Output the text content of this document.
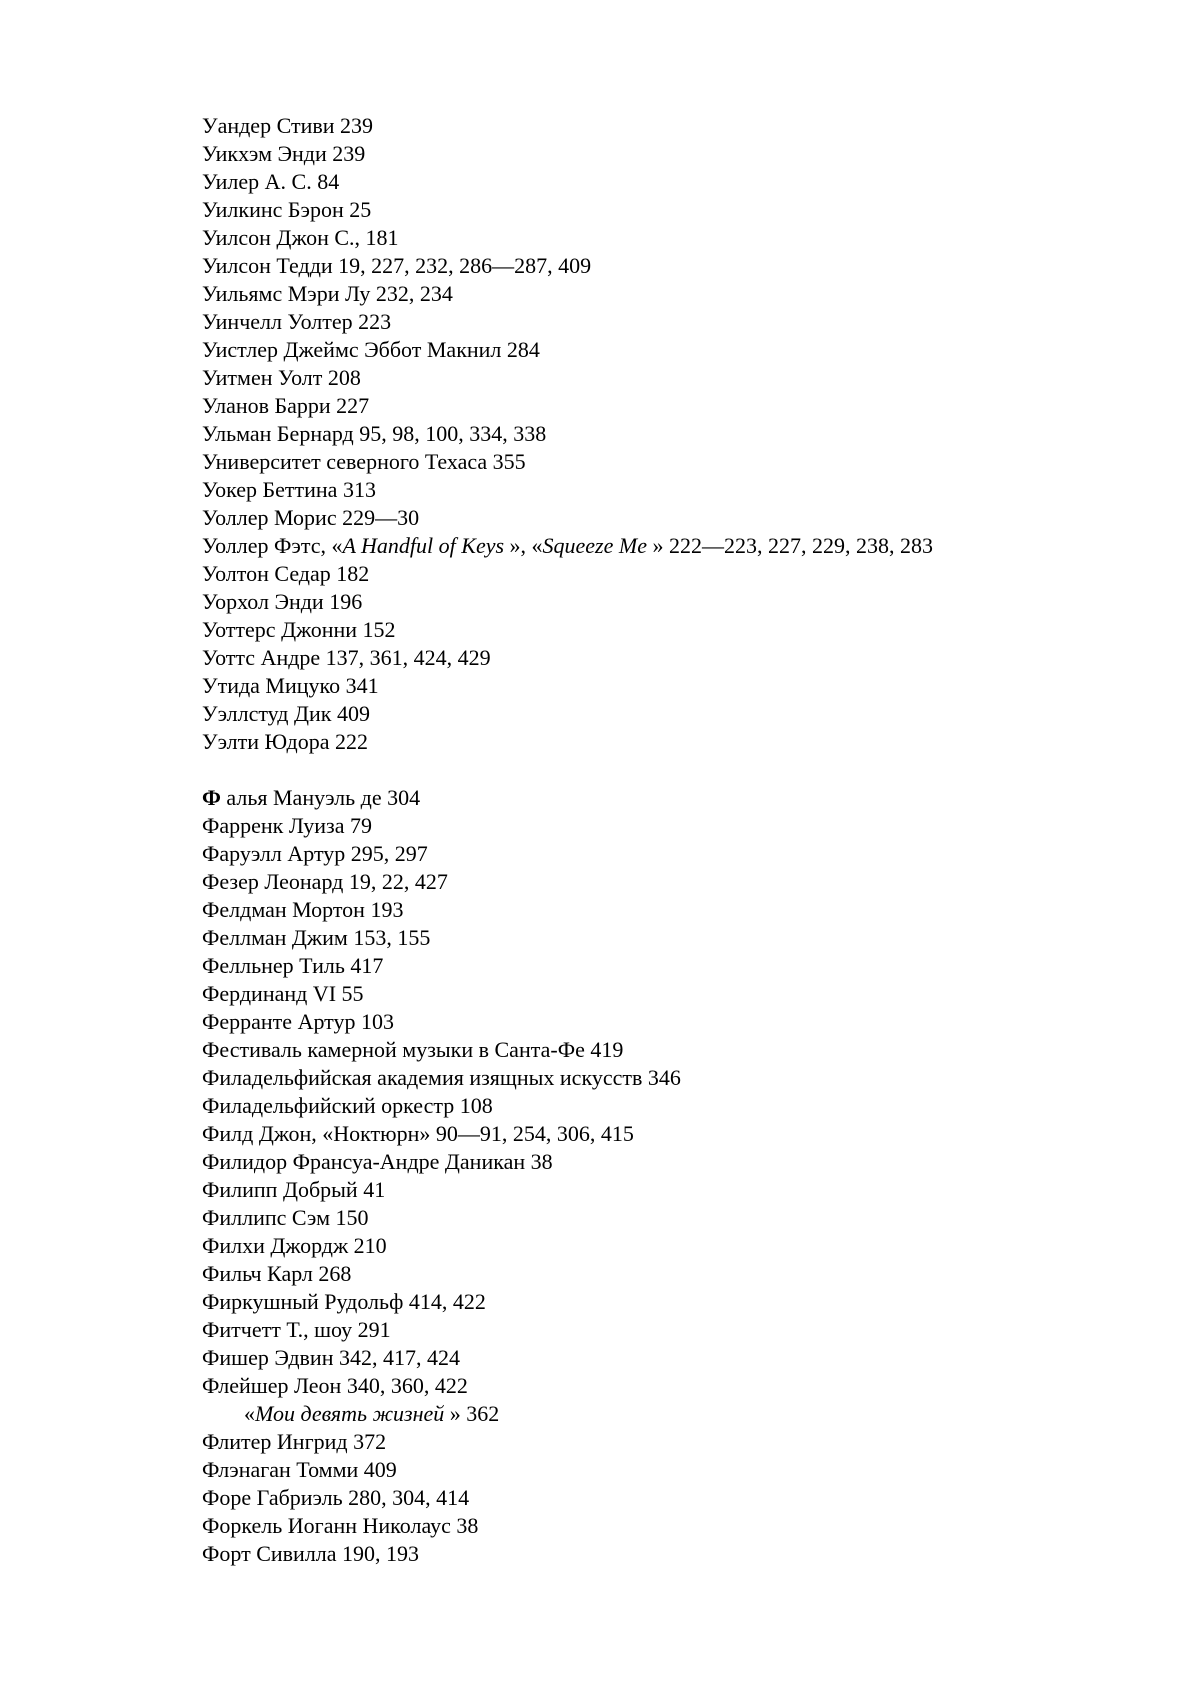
Уандер Стиви 239
Уикхэм Энди 239
Уилер А. С. 84
Уилкинс Бэрон 25
Уилсон Джон С., 181
Уилсон Тедди 19, 227, 232, 286—287, 409
Уильямс Мэри Лу 232, 234
Уинчелл Уолтер 223
Уистлер Джеймс Эббот Макнил 284
Уитмен Уолт 208
Уланов Барри 227
Ульман Бернард 95, 98, 100, 334, 338
Университет северного Техаса 355
Уокер Беттина 313
Уоллер Морис 229—30
Уоллер Фэтс, «A Handful of Keys », «Squeeze Me » 222—223, 227, 229, 238, 283
Уолтон Седар 182
Уорхол Энди 196
Уоттерс Джонни 152
Уоттс Андре 137, 361, 424, 429
Утида Мицуко 341
Уэллстуд Дик 409
Уэлти Юдора 222
Ф алья Мануэль де 304
Фарренк Луиза 79
Фаруэлл Артур 295, 297
Фезер Леонард 19, 22, 427
Фелдман Мортон 193
Феллман Джим 153, 155
Фелльнер Тиль 417
Фердинанд VI 55
Ферранте Артур 103
Фестиваль камерной музыки в Санта-Фе 419
Филадельфийская академия изящных искусств 346
Филадельфийский оркестр 108
Филд Джон, «Ноктюрн» 90—91, 254, 306, 415
Филидор Франсуа-Андре Даникан 38
Филипп Добрый 41
Филлипс Сэм 150
Филхи Джордж 210
Фильч Карл 268
Фиркушный Рудольф 414, 422
Фитчетт Т., шоу 291
Фишер Эдвин 342, 417, 424
Флейшер Леон 340, 360, 422
«Мои девять жизней » 362
Флитер Ингрид 372
Флэнаган Томми 409
Форе Габриэль 280, 304, 414
Форкель Иоганн Николаус 38
Форт Сивилла 190, 193
